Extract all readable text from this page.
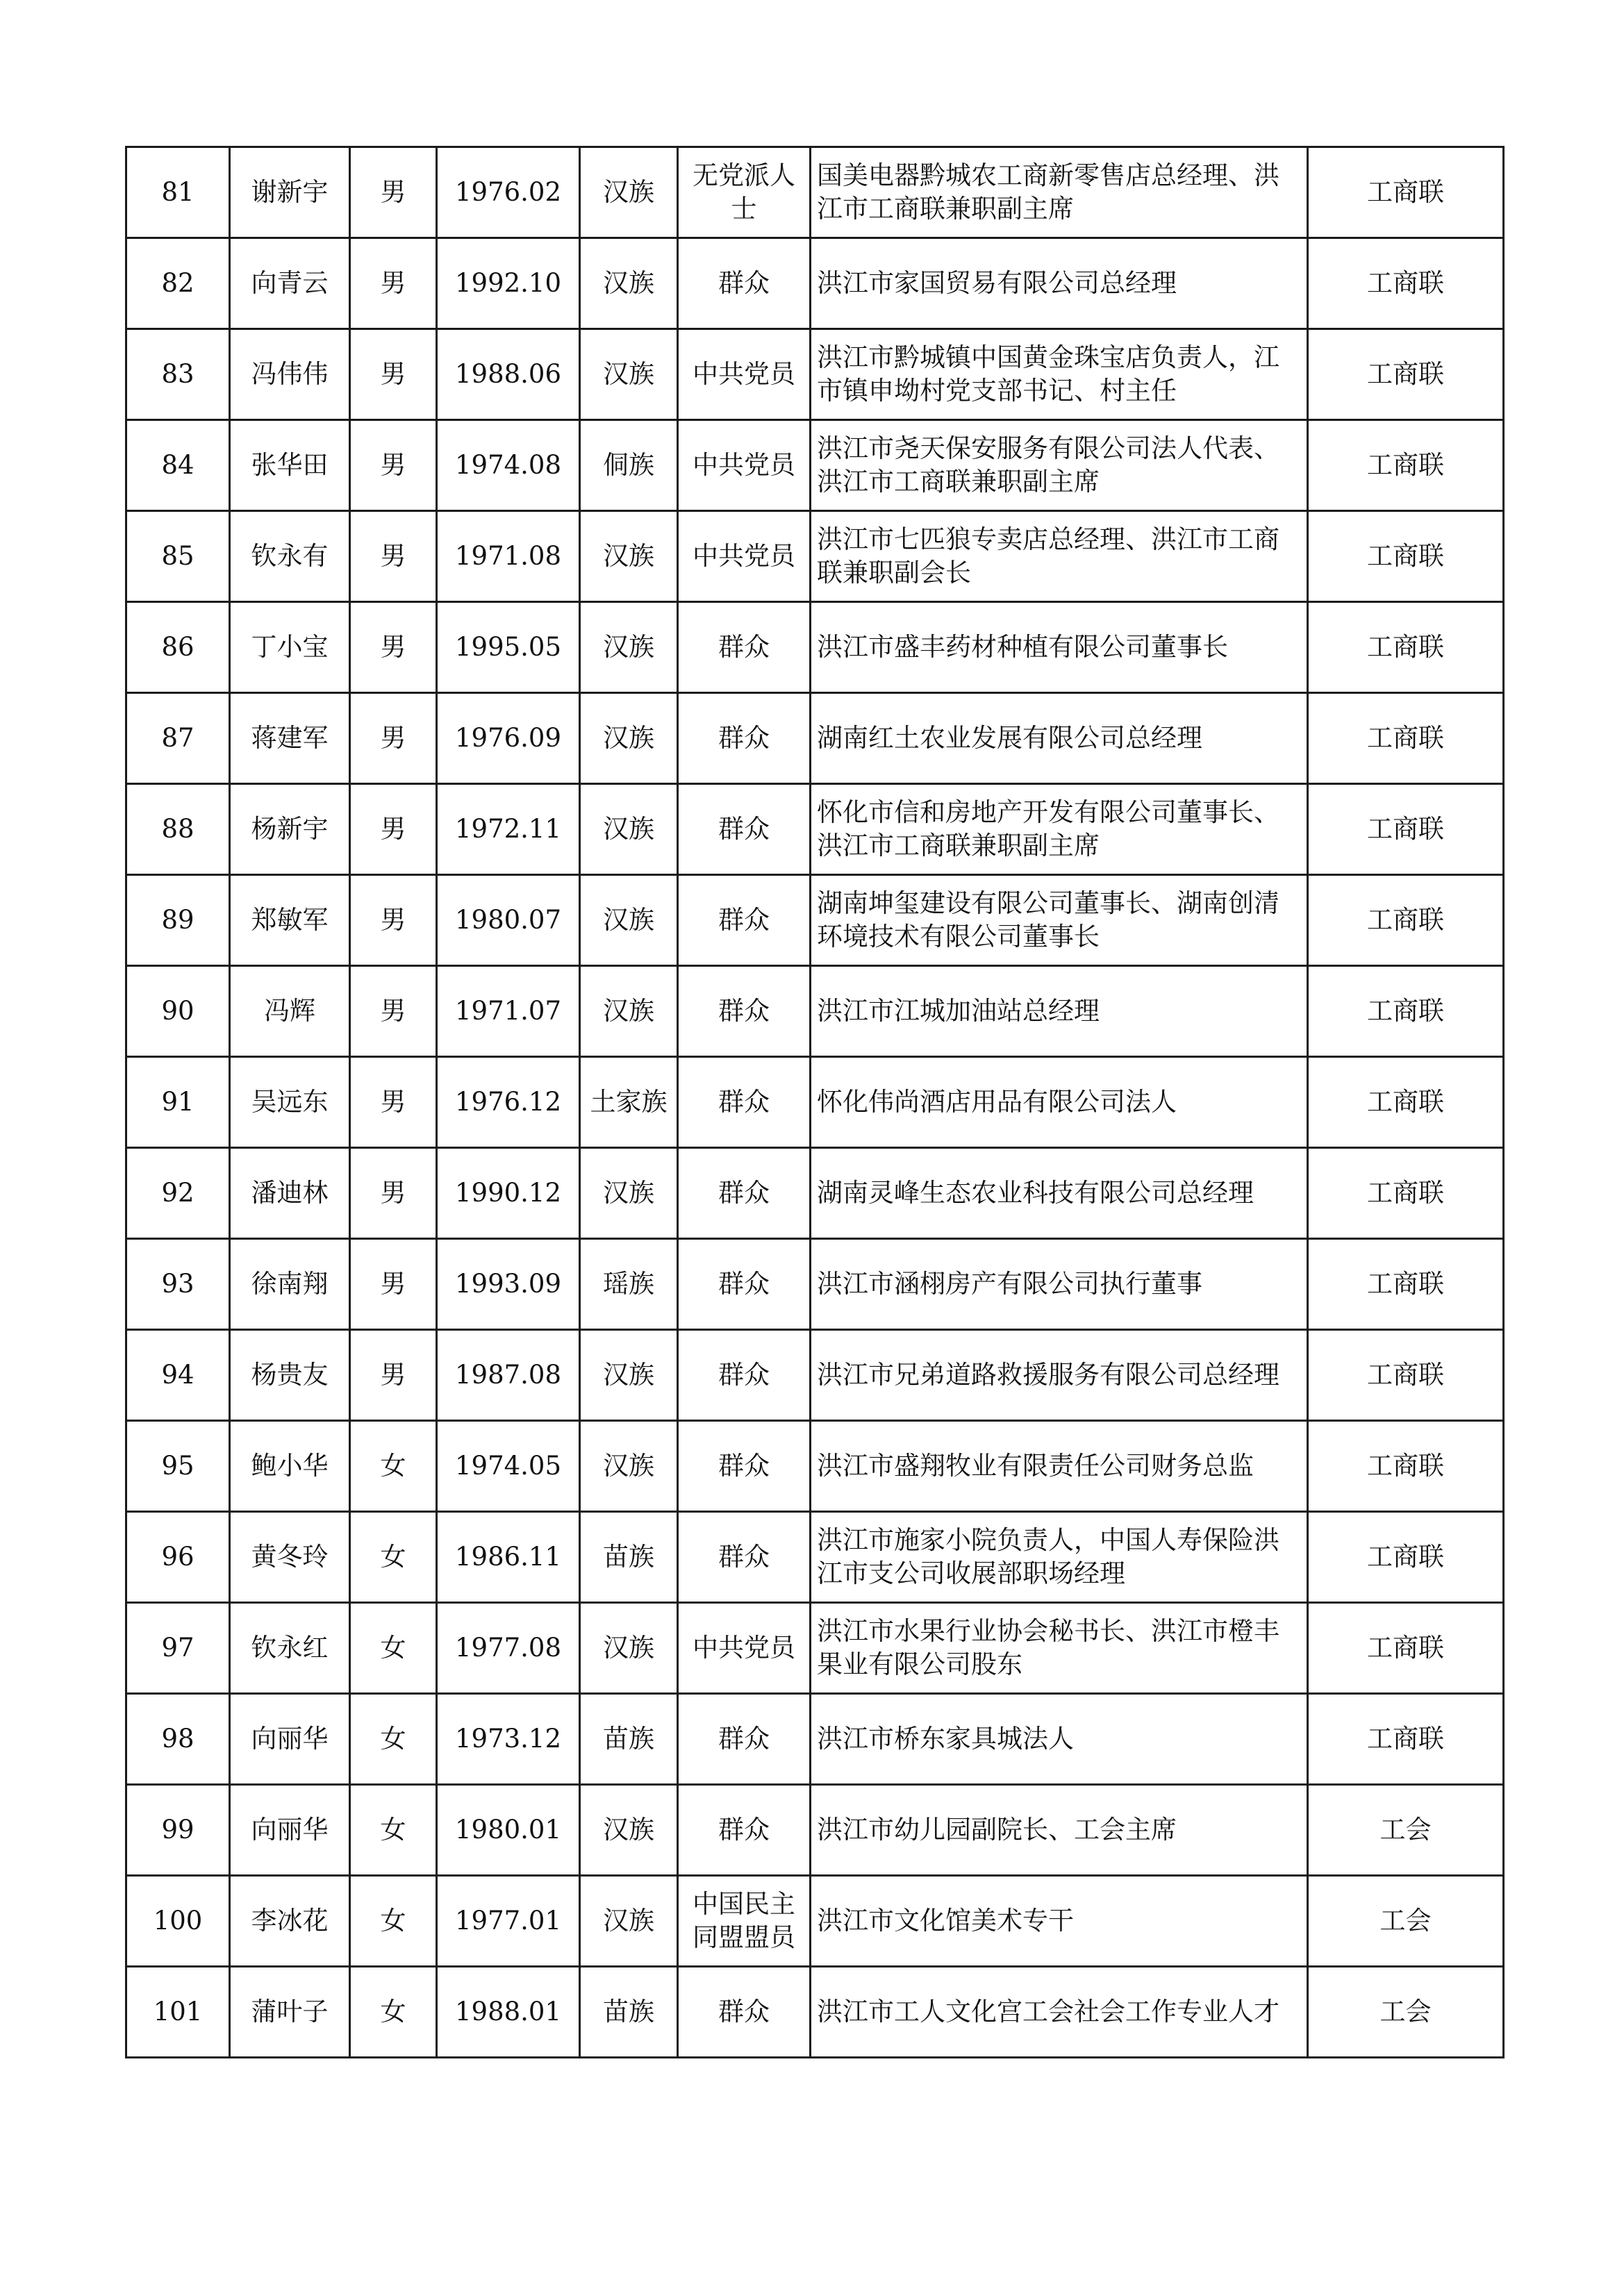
81	谢新宇	男	1976.02	汉族	无党派人士	国美电器黔城农工商新零售店总经理、洪江市工商联兼职副主席	工商联
82	向青云	男	1992.10	汉族	群众	洪江市家国贸易有限公司总经理	工商联
83	冯伟伟	男	1988.06	汉族	中共党员	洪江市黔城镇中国黄金珠宝店负责人，江市镇申坳村党支部书记、村主任	工商联
84	张华田	男	1974.08	侗族	中共党员	洪江市尧天保安服务有限公司法人代表、洪江市工商联兼职副主席	工商联
85	钦永有	男	1971.08	汉族	中共党员	洪江市七匹狼专卖店总经理、洪江市工商联兼职副会长	工商联
86	丁小宝	男	1995.05	汉族	群众	洪江市盛丰药材种植有限公司董事长	工商联
87	蒋建军	男	1976.09	汉族	群众	湖南红土农业发展有限公司总经理	工商联
88	杨新宇	男	1972.11	汉族	群众	怀化市信和房地产开发有限公司董事长、洪江市工商联兼职副主席	工商联
89	郑敏军	男	1980.07	汉族	群众	湖南坤玺建设有限公司董事长、湖南创清环境技术有限公司董事长	工商联
90	冯辉	男	1971.07	汉族	群众	洪江市江城加油站总经理	工商联
91	吴远东	男	1976.12	土家族	群众	怀化伟尚酒店用品有限公司法人	工商联
92	潘迪林	男	1990.12	汉族	群众	湖南灵峰生态农业科技有限公司总经理	工商联
93	徐南翔	男	1993.09	瑶族	群众	洪江市涵栩房产有限公司执行董事	工商联
94	杨贵友	男	1987.08	汉族	群众	洪江市兄弟道路救援服务有限公司总经理	工商联
95	鲍小华	女	1974.05	汉族	群众	洪江市盛翔牧业有限责任公司财务总监	工商联
96	黄冬玲	女	1986.11	苗族	群众	洪江市施家小院负责人，中国人寿保险洪江市支公司收展部职场经理	工商联
97	钦永红	女	1977.08	汉族	中共党员	洪江市水果行业协会秘书长、洪江市橙丰果业有限公司股东	工商联
98	向丽华	女	1973.12	苗族	群众	洪江市桥东家具城法人	工商联
99	向丽华	女	1980.01	汉族	群众	洪江市幼儿园副院长、工会主席	工会
100	李冰花	女	1977.01	汉族	中国民主同盟盟员	洪江市文化馆美术专干	工会
101	蒲叶子	女	1988.01	苗族	群众	洪江市工人文化宫工会社会工作专业人才	工会
